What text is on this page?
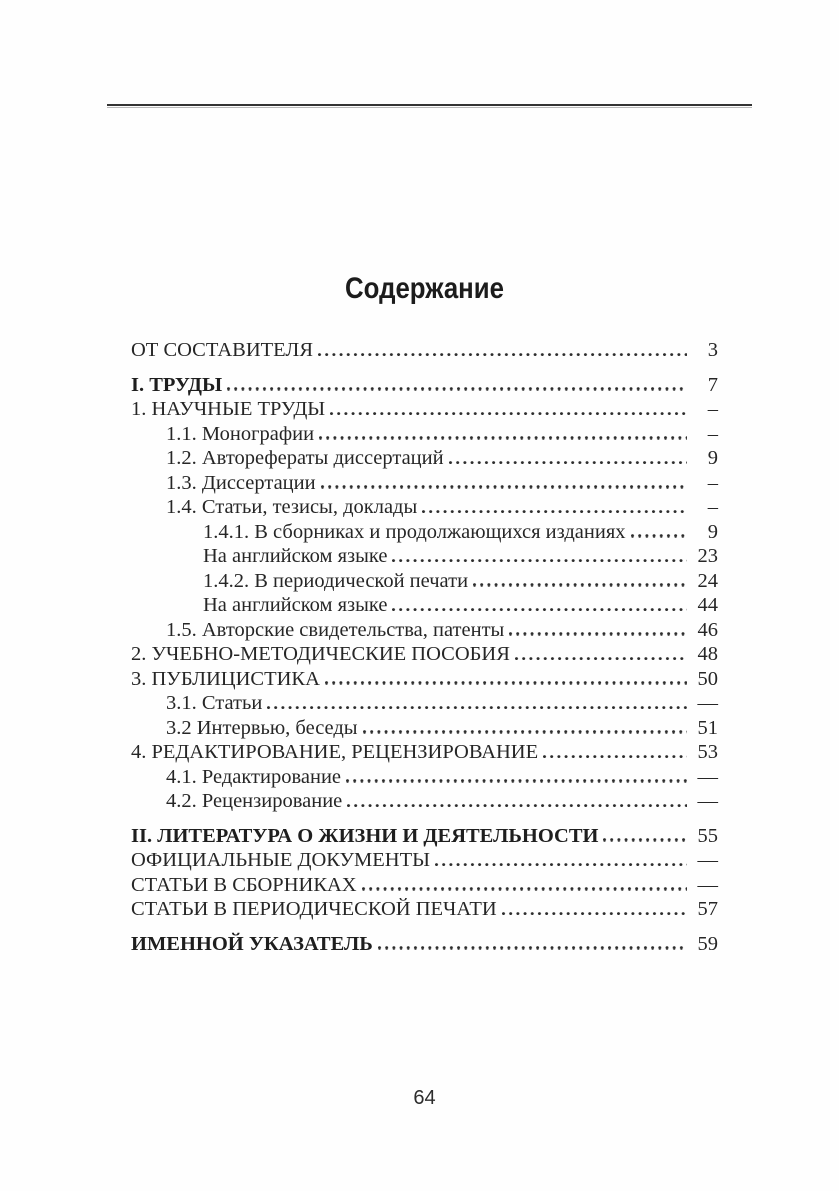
Содержание
ОТ СОСТАВИТЕЛЯ	3
I. ТРУДЫ	7
1. НАУЧНЫЕ ТРУДЫ	–
1.1. Монографии	–
1.2. Авторефераты диссертаций	9
1.3. Диссертации	–
1.4. Статьи, тезисы, доклады	–
1.4.1. В сборниках и продолжающихся изданиях	9
На английском языке	23
1.4.2. В периодической печати	24
На английском языке	44
1.5. Авторские свидетельства, патенты	46
2. УЧЕБНО-МЕТОДИЧЕСКИЕ ПОСОБИЯ	48
3. ПУБЛИЦИСТИКА	50
3.1. Статьи	—
3.2 Интервью, беседы	51
4. РЕДАКТИРОВАНИЕ, РЕЦЕНЗИРОВАНИЕ	53
4.1. Редактирование	—
4.2. Рецензирование	—
II. ЛИТЕРАТУРА О ЖИЗНИ И ДЕЯТЕЛЬНОСТИ	55
ОФИЦИАЛЬНЫЕ ДОКУМЕНТЫ	—
СТАТЬИ В СБОРНИКАХ	—
СТАТЬИ В ПЕРИОДИЧЕСКОЙ ПЕЧАТИ	57
ИМЕННОЙ УКАЗАТЕЛЬ	59
64
